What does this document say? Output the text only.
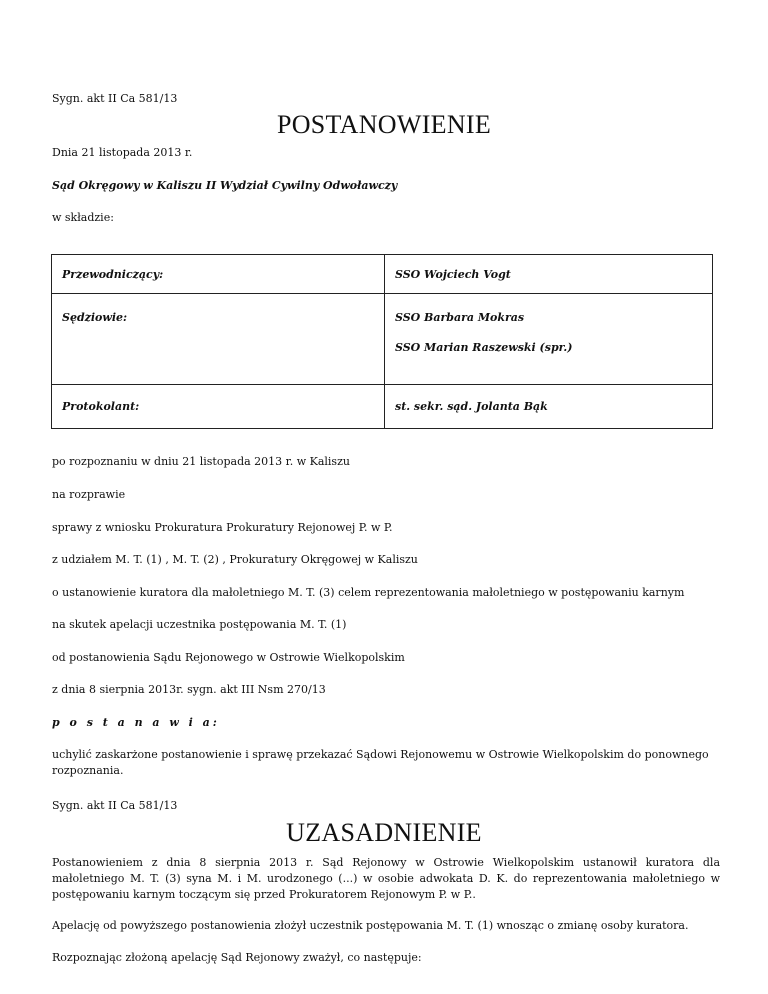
Sygn. akt II Ca 581/13

POSTANOWIENIE

Dnia 21 listopada 2013 r.

Sąd Okręgowy w Kaliszu II Wydział Cywilny Odwoławczy

w składzie:

Przewodniczący:	SSO Wojciech Vogt

Sędziowie:	SSO Barbara Mokras
SSO Marian Raszewski (spr.)

Protokolant:	st. sekr. sąd. Jolanta Bąk

po rozpoznaniu w dniu 21 listopada 2013 r. w Kaliszu

na rozprawie

sprawy z wniosku Prokuratura Prokuratury Rejonowej P. w P.

z udziałem M. T. (1) , M. T. (2) , Prokuratury Okręgowej w Kaliszu

o ustanowienie kuratora dla małoletniego M. T. (3) celem reprezentowania małoletniego w postępowaniu karnym

na skutek apelacji uczestnika postępowania M. T. (1)

od postanowienia Sądu Rejonowego w Ostrowie Wielkopolskim

z dnia 8 sierpnia 2013r. sygn. akt III Nsm 270/13

p o s t a n a w i a:

uchylić zaskarżone postanowienie i sprawę przekazać Sądowi Rejonowemu w Ostrowie Wielkopolskim do ponownego rozpoznania.

Sygn. akt II Ca 581/13

UZASADNIENIE

Postanowieniem z dnia 8 sierpnia 2013 r. Sąd Rejonowy w Ostrowie Wielkopolskim ustanowił kuratora dla małoletniego M. T. (3) syna M. i M. urodzonego (...) w osobie adwokata D. K. do reprezentowania małoletniego w postępowaniu karnym toczącym się przed Prokuratorem Rejonowym P. w P..

Apelację od powyższego postanowienia złożył uczestnik postępowania M. T. (1) wnosząc o zmianę osoby kuratora.

Rozpoznając złożoną apelację Sąd Rejonowy zważył, co następuje:
